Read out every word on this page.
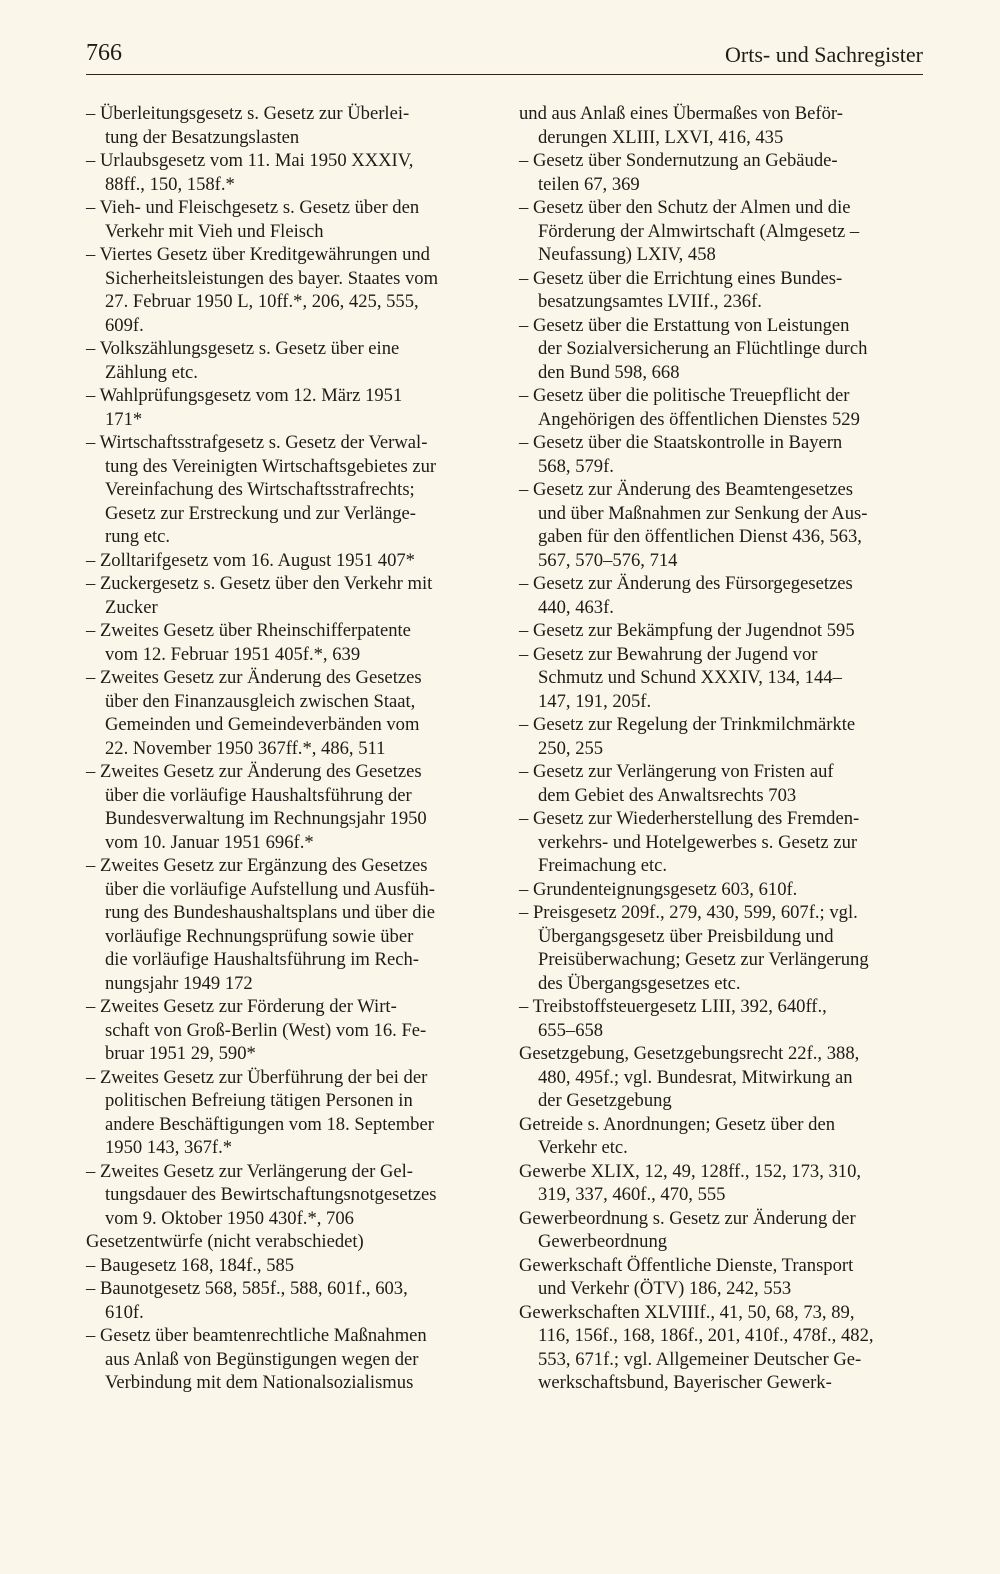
766	Orts- und Sachregister
– Überleitungsgesetz s. Gesetz zur Überlei-
tung der Besatzungslasten
– Urlaubsgesetz vom 11. Mai 1950 XXXIV,
88ff., 150, 158f.*
– Vieh- und Fleischgesetz s. Gesetz über den
Verkehr mit Vieh und Fleisch
– Viertes Gesetz über Kreditgewährungen und
Sicherheitsleistungen des bayer. Staates vom
27. Februar 1950 L, 10ff.*, 206, 425, 555,
609f.
– Volkszählungsgesetz s. Gesetz über eine
Zählung etc.
– Wahlprüfungsgesetz vom 12. März 1951
171*
– Wirtschaftsstrafgesetz s. Gesetz der Verwal-
tung des Vereinigten Wirtschaftsgebietes zur
Vereinfachung des Wirtschaftsstrafrechts;
Gesetz zur Erstreckung und zur Verlänge-
rung etc.
– Zolltarifgesetz vom 16. August 1951 407*
– Zuckergesetz s. Gesetz über den Verkehr mit
Zucker
– Zweites Gesetz über Rheinschifferpatente
vom 12. Februar 1951 405f.*, 639
– Zweites Gesetz zur Änderung des Gesetzes
über den Finanzausgleich zwischen Staat,
Gemeinden und Gemeindeverbänden vom
22. November 1950 367ff.*, 486, 511
– Zweites Gesetz zur Änderung des Gesetzes
über die vorläufige Haushaltsführung der
Bundesverwaltung im Rechnungsjahr 1950
vom 10. Januar 1951 696f.*
– Zweites Gesetz zur Ergänzung des Gesetzes
über die vorläufige Aufstellung und Ausfüh-
rung des Bundeshaushaltsplans und über die
vorläufige Rechnungsprüfung sowie über
die vorläufige Haushaltsführung im Rech-
nungsjahr 1949 172
– Zweites Gesetz zur Förderung der Wirt-
schaft von Groß-Berlin (West) vom 16. Fe-
bruar 1951 29, 590*
– Zweites Gesetz zur Überführung der bei der
politischen Befreiung tätigen Personen in
andere Beschäftigungen vom 18. September
1950 143, 367f.*
– Zweites Gesetz zur Verlängerung der Gel-
tungsdauer des Bewirtschaftungsnotgesetzes
vom 9. Oktober 1950 430f.*, 706
Gesetzentwürfe (nicht verabschiedet)
– Baugesetz 168, 184f., 585
– Baunotgesetz 568, 585f., 588, 601f., 603,
610f.
– Gesetz über beamtenrechtliche Maßnahmen
aus Anlaß von Begünstigungen wegen der
Verbindung mit dem Nationalsozialismus
und aus Anlaß eines Übermaßes von Beför-
derungen XLIII, LXVI, 416, 435
– Gesetz über Sondernutzung an Gebäude-
teilen 67, 369
– Gesetz über den Schutz der Almen und die
Förderung der Almwirtschaft (Almgesetz –
Neufassung) LXIV, 458
– Gesetz über die Errichtung eines Bundes-
besatzungsamtes LVIIf., 236f.
– Gesetz über die Erstattung von Leistungen
der Sozialversicherung an Flüchtlinge durch
den Bund 598, 668
– Gesetz über die politische Treuepflicht der
Angehörigen des öffentlichen Dienstes 529
– Gesetz über die Staatskontrolle in Bayern
568, 579f.
– Gesetz zur Änderung des Beamtengesetzes
und über Maßnahmen zur Senkung der Aus-
gaben für den öffentlichen Dienst 436, 563,
567, 570–576, 714
– Gesetz zur Änderung des Fürsorgegesetzes
440, 463f.
– Gesetz zur Bekämpfung der Jugendnot 595
– Gesetz zur Bewahrung der Jugend vor
Schmutz und Schund XXXIV, 134, 144–
147, 191, 205f.
– Gesetz zur Regelung der Trinkmilchmärkte
250, 255
– Gesetz zur Verlängerung von Fristen auf
dem Gebiet des Anwaltsrechts 703
– Gesetz zur Wiederherstellung des Fremden-
verkehrs- und Hotelgewerbes s. Gesetz zur
Freimachung etc.
– Grundenteignungsgesetz 603, 610f.
– Preisgesetz 209f., 279, 430, 599, 607f.; vgl.
Übergangsgesetz über Preisbildung und
Preisüberwachung; Gesetz zur Verlängerung
des Übergangsgesetzes etc.
– Treibstoffsteuergesetz LIII, 392, 640ff.,
655–658
Gesetzgebung, Gesetzgebungsrecht 22f., 388,
480, 495f.; vgl. Bundesrat, Mitwirkung an
der Gesetzgebung
Getreide s. Anordnungen; Gesetz über den
Verkehr etc.
Gewerbe XLIX, 12, 49, 128ff., 152, 173, 310,
319, 337, 460f., 470, 555
Gewerbeordnung s. Gesetz zur Änderung der
Gewerbeordnung
Gewerkschaft Öffentliche Dienste, Transport
und Verkehr (ÖTV) 186, 242, 553
Gewerkschaften XLVIIIf., 41, 50, 68, 73, 89,
116, 156f., 168, 186f., 201, 410f., 478f., 482,
553, 671f.; vgl. Allgemeiner Deutscher Ge-
werkschaftsbund, Bayerischer Gewerk-
